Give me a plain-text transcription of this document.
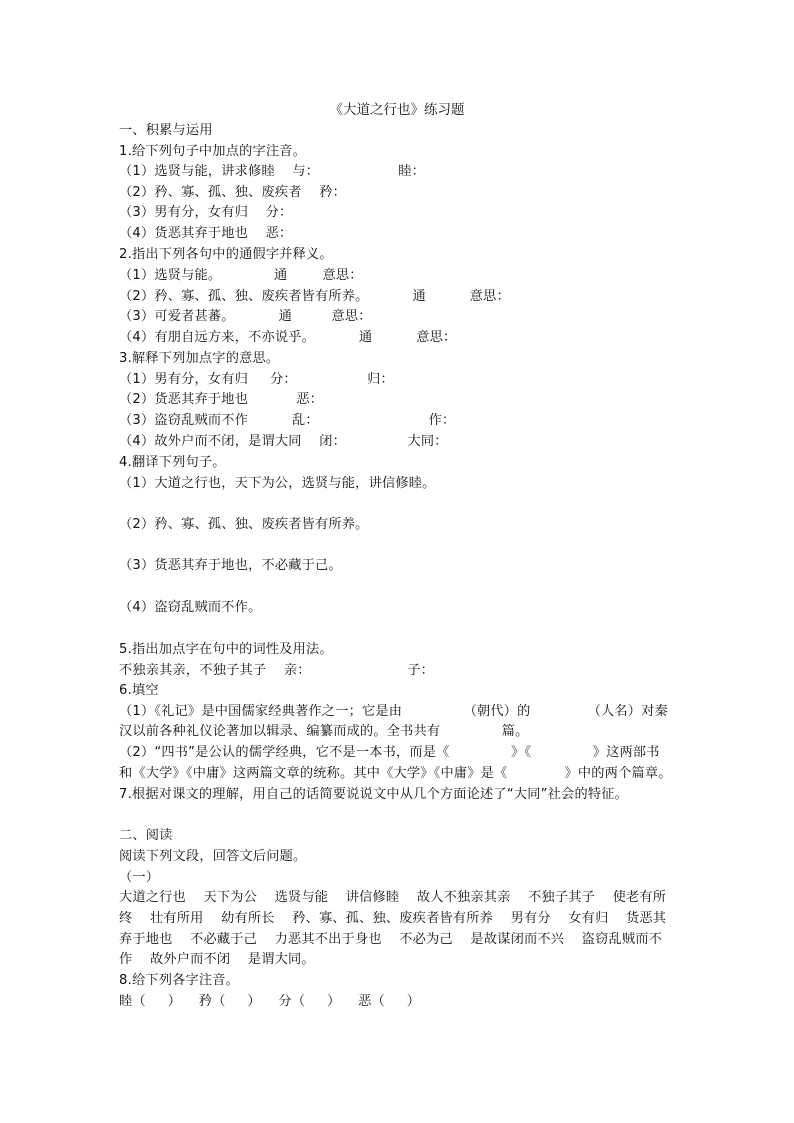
《大道之行也》练习题
一、积累与运用
1.给下列句子中加点的字注音。
（1）选贤与能，讲求修睦    与：                  睦：
（2）矜、寡、孤、独、废疾者    矜：
（3）男有分，女有归    分：
（4）货恶其弃于地也    恶：
2.指出下列各句中的通假字并释义。
（1）选贤与能。            通        意思：
（2）矜、寡、孤、独、废疾者皆有所养。          通          意思：
（3）可爱者甚蕃。          通         意思：
（4）有朋自远方来，不亦说乎。          通          意思：
3.解释下列加点字的意思。
（1）男有分，女有归     分：                归：
（2）货恶其弃于地也           恶：
（3）盗窃乱贼而不作          乱：                         作：
（4）故外户而不闭，是谓大同    闭：              大同：
4.翻译下列句子。
（1）大道之行也，天下为公，选贤与能，讲信修睦。
（2）矜、寡、孤、独、废疾者皆有所养。
（3）货恶其弃于地也，不必藏于己。
（4）盗窃乱贼而不作。
5.指出加点字在句中的词性及用法。
不独亲其亲，不独子其子    亲：                      子：
6.填空
（1）《礼记》是中国儒家经典著作之一；它是由              （朝代）的             （人名）对秦
汉以前各种礼仪论著加以辑录、编纂而成的。全书共有              篇。
（2）“四书”是公认的儒学经典，它不是一本书，而是《              》《              》这两部书
和《大学》《中庸》这两篇文章的统称。其中《大学》《中庸》是《             》中的两个篇章。
7.根据对课文的理解，用自己的话简要说说文中从几个方面论述了“大同”社会的特征。
二、阅读
阅读下列文段，回答文后问题。
（一）
大道之行也    天下为公    选贤与能    讲信修睦    故人不独亲其亲    不独子其子    使老有所
终    壮有所用    幼有所长    矜、寡、孤、独、废疾者皆有所养    男有分    女有归    货恶其
弃于地也    不必藏于己    力恶其不出于身也    不必为己    是故谋闭而不兴    盗窃乱贼而不
作    故外户而不闭    是谓大同。
8.给下列各字注音。
睦（     ）    矜（     ）    分（     ）    恶（     ）
